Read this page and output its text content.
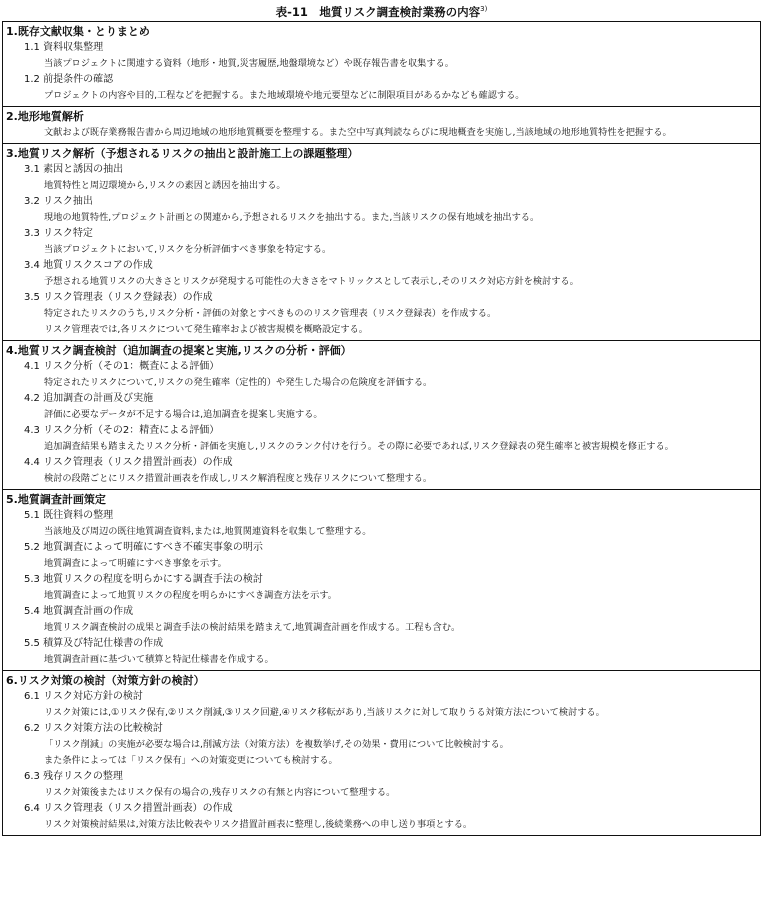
表-11　地質リスク調査検討業務の内容$^{3)}$
1.既存文献収集・とりまとめ
1.1 資料収集整理
当該プロジェクトに関連する資料（地形・地質,災害履歴,地盤環境など）や既存報告書を収集する。
1.2 前提条件の確認
プロジェクトの内容や目的,工程などを把握する。また地域環境や地元要望などに制限項目があるかなども確認する。
2.地形地質解析
文献および既存業務報告書から周辺地域の地形地質概要を整理する。また空中写真判読ならびに現地概査を実施し,当該地域の地形地質特性を把握する。
3.地質リスク解析（予想されるリスクの抽出と設計施工上の課題整理）
3.1 素因と誘因の抽出
地質特性と周辺環境から,リスクの素因と誘因を抽出する。
3.2 リスク抽出
現地の地質特性,プロジェクト計画との関連から,予想されるリスクを抽出する。また,当該リスクの保有地域を抽出する。
3.3 リスク特定
当該プロジェクトにおいて,リスクを分析評価すべき事象を特定する。
3.4 地質リスクスコアの作成
予想される地質リスクの大きさとリスクが発現する可能性の大きさをマトリックスとして表示し,そのリスク対応方針を検討する。
3.5 リスク管理表（リスク登録表）の作成
特定されたリスクのうち,リスク分析・評価の対象とすべきもののリスク管理表（リスク登録表）を作成する。
リスク管理表では,各リスクについて発生確率および被害規模を概略設定する。
4.地質リスク調査検討（追加調査の提案と実施,リスクの分析・評価）
4.1 リスク分析（その1：概査による評価）
特定されたリスクについて,リスクの発生確率（定性的）や発生した場合の危険度を評価する。
4.2 追加調査の計画及び実施
評価に必要なデータが不足する場合は,追加調査を提案し実施する。
4.3 リスク分析（その2：精査による評価）
追加調査結果も踏まえたリスク分析・評価を実施し,リスクのランク付けを行う。その際に必要であれば,リスク登録表の発生確率と被害規模を修正する。
4.4 リスク管理表（リスク措置計画表）の作成
検討の段階ごとにリスク措置計画表を作成し,リスク解消程度と残存リスクについて整理する。
5.地質調査計画策定
5.1 既往資料の整理
当該地及び周辺の既往地質調査資料,または,地質関連資料を収集して整理する。
5.2 地質調査によって明確にすべき不確実事象の明示
地質調査によって明確にすべき事象を示す。
5.3 地質リスクの程度を明らかにする調査手法の検討
地質調査によって地質リスクの程度を明らかにすべき調査方法を示す。
5.4 地質調査計画の作成
地質リスク調査検討の成果と調査手法の検討結果を踏まえて,地質調査計画を作成する。工程も含む。
5.5 積算及び特記仕様書の作成
地質調査計画に基づいて積算と特記仕様書を作成する。
6.リスク対策の検討（対策方針の検討）
6.1 リスク対応方針の検討
リスク対策には,①リスク保有,②リスク削減,③リスク回避,④リスク移転があり,当該リスクに対して取りうる対策方法について検討する。
6.2 リスク対策方法の比較検討
「リスク削減」の実施が必要な場合は,削減方法（対策方法）を複数挙げ,その効果・費用について比較検討する。
また条件によっては「リスク保有」への対策変更についても検討する。
6.3 残存リスクの整理
リスク対策後またはリスク保有の場合の,残存リスクの有無と内容について整理する。
6.4 リスク管理表（リスク措置計画表）の作成
リスク対策検討結果は,対策方法比較表やリスク措置計画表に整理し,後続業務への申し送り事項とする。
